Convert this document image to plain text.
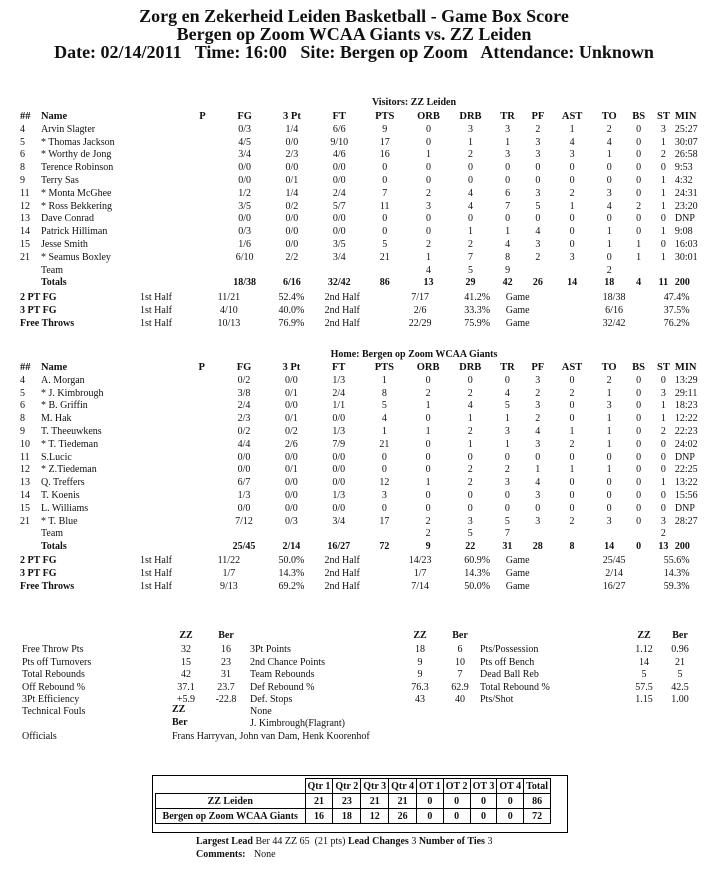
Zorg en Zekerheid Leiden Basketball - Game Box Score
Bergen op Zoom WCAA Giants vs. ZZ Leiden
Date: 02/14/2011   Time: 16:00   Site: Bergen op Zoom   Attendance: Unknown
Visitors: ZZ Leiden
##	Name	P	FG	3 Pt	FT	PTS	ORB	DRB	TR	PF	AST	TO	BS	ST	MIN
4	Arvin Slagter		0/3	1/4	6/6	9	0	3	3	2	1	2	0	3	25:27
5	* Thomas Jackson		4/5	0/0	9/10	17	0	1	1	3	4	4	0	1	30:07
6	* Worthy de Jong		3/4	2/3	4/6	16	1	2	3	3	3	1	0	2	26:58
8	Terence Robinson		0/0	0/0	0/0	0	0	0	0	0	0	0	0	0	9:53
9	Terry Sas		0/0	0/1	0/0	0	0	0	0	0	0	0	0	1	4:32
11	* Monta McGhee		1/2	1/4	2/4	7	2	4	6	3	2	3	0	1	24:31
12	* Ross Bekkering		3/5	0/2	5/7	11	3	4	7	5	1	4	2	1	23:20
13	Dave Conrad		0/0	0/0	0/0	0	0	0	0	0	0	0	0	0	DNP
14	Patrick Hilliman		0/3	0/0	0/0	0	0	1	1	4	0	1	0	1	9:08
15	Jesse Smith		1/6	0/0	3/5	5	2	2	4	3	0	1	1	0	16:03
21	* Seamus Boxley		6/10	2/2	3/4	21	1	7	8	2	3	0	1	1	30:01
	Team						4	5	9			2			
	Totals		18/38	6/16	32/42	86	13	29	42	26	14	18	4	11	200
2 PT FG	1st Half	11/21	52.4%	2nd Half	7/17	41.2%	Game	18/38	47.4%
3 PT FG	1st Half	4/10	40.0%	2nd Half	2/6	33.3%	Game	6/16	37.5%
Free Throws	1st Half	10/13	76.9%	2nd Half	22/29	75.9%	Game	32/42	76.2%
Home: Bergen op Zoom WCAA Giants
##	Name	P	FG	3 Pt	FT	PTS	ORB	DRB	TR	PF	AST	TO	BS	ST	MIN
4	A. Morgan		0/2	0/0	1/3	1	0	0	0	3	0	2	0	0	13:29
5	* J. Kimbrough		3/8	0/1	2/4	8	2	2	4	2	2	1	0	3	29:11
6	* B. Griffin		2/4	0/0	1/1	5	1	4	5	3	0	3	0	1	18:23
8	M. Hak		2/3	0/1	0/0	4	0	1	1	2	0	1	0	1	12:22
9	T. Theeuwkens		0/2	0/2	1/3	1	1	2	3	4	1	1	0	2	22:23
10	* T. Tiedeman		4/4	2/6	7/9	21	0	1	1	3	2	1	0	0	24:02
11	S.Lucic		0/0	0/0	0/0	0	0	0	0	0	0	0	0	0	DNP
12	* Z.Tiedeman		0/0	0/1	0/0	0	0	2	2	1	1	1	0	0	22:25
13	Q. Treffers		6/7	0/0	0/0	12	1	2	3	4	0	0	0	1	13:22
14	T. Koenis		1/3	0/0	1/3	3	0	0	0	3	0	0	0	0	15:56
15	L. Williams		0/0	0/0	0/0	0	0	0	0	0	0	0	0	0	DNP
21	* T. Blue		7/12	0/3	3/4	17	2	3	5	3	2	3	0	3	28:27
	Team						2	5	7					2	
	Totals		25/45	2/14	16/27	72	9	22	31	28	8	14	0	13	200
2 PT FG	1st Half	11/22	50.0%	2nd Half	14/23	60.9%	Game	25/45	55.6%
3 PT FG	1st Half	1/7	14.3%	2nd Half	1/7	14.3%	Game	2/14	14.3%
Free Throws	1st Half	9/13	69.2%	2nd Half	7/14	50.0%	Game	16/27	59.3%
ZZ	Ber	ZZ	Ber	ZZ	Ber
Free Throw Pts	32	16	3Pt Points	18	6	Pts/Possession	1.12	0.96
Pts off Turnovers	15	23	2nd Chance Points	9	10	Pts off Bench	14	21
Total Rebounds	42	31	Team Rebounds	9	7	Dead Ball Reb	5	5
Off Rebound %	37.1	23.7	Def Rebound %	76.3	62.9	Total Rebound %	57.5	42.5
3Pt Efficiency	+5.9	-22.8	Def. Stops	43	40	Pts/Shot	1.15	1.00
Technical Fouls	ZZ	None
Ber	J. Kimbrough(Flagrant)
Officials	Frans Harryvan, John van Dam, Henk Koorenhof
	Qtr 1	Qtr 2	Qtr 3	Qtr 4	OT 1	OT 2	OT 3	OT 4	Total
ZZ Leiden	21	23	21	21	0	0	0	0	86
Bergen op Zoom WCAA Giants	16	18	12	26	0	0	0	0	72
Largest Lead Ber 44 ZZ 65  (21 pts) Lead Changes 3 Number of Ties 3
Comments: None
